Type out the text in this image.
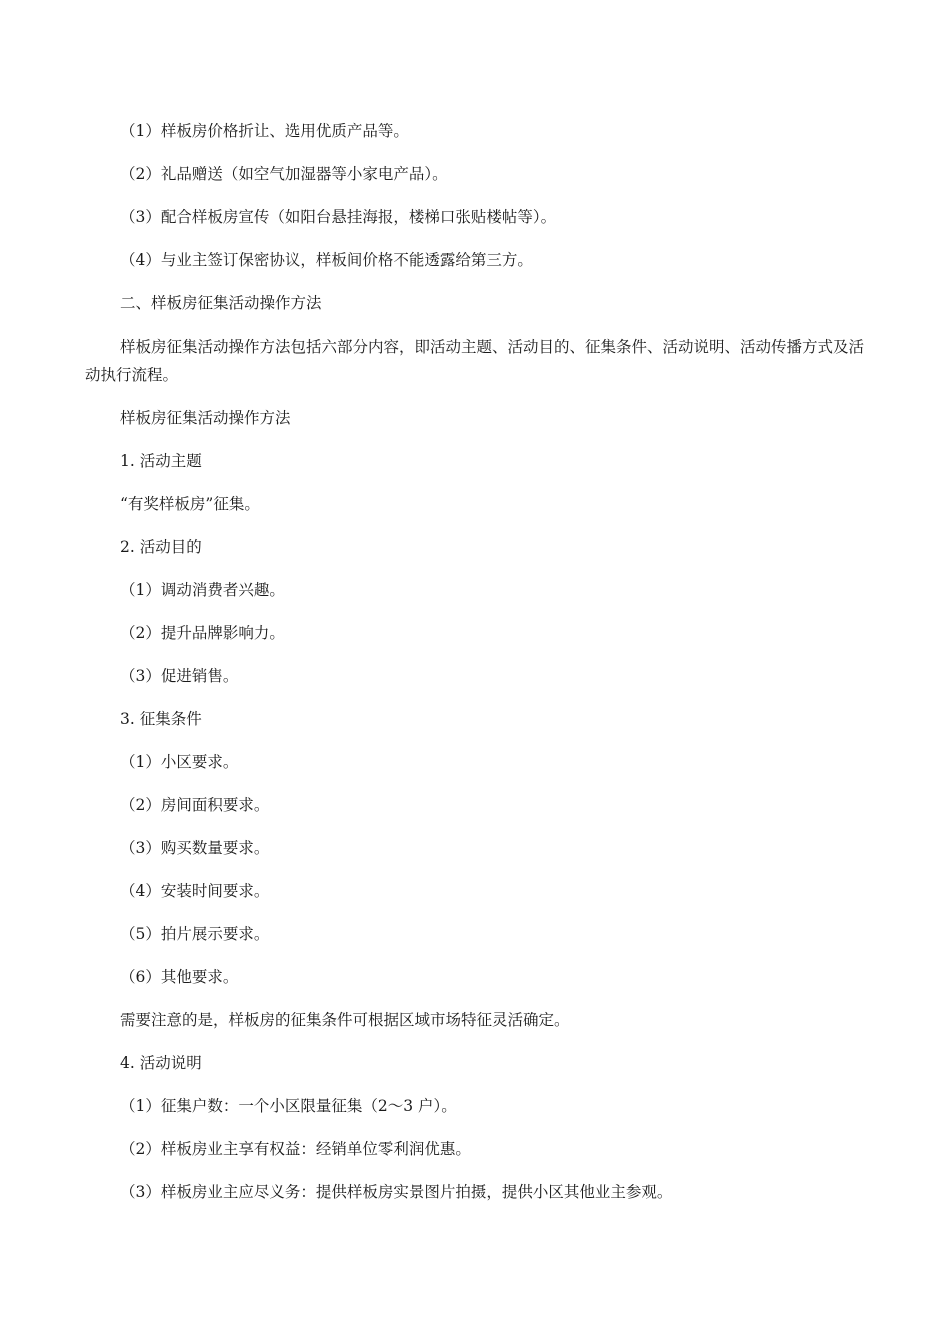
（1）样板房价格折让、选用优质产品等。

（2）礼品赠送（如空气加湿器等小家电产品）。

（3）配合样板房宣传（如阳台悬挂海报，楼梯口张贴楼帖等）。

（4）与业主签订保密协议，样板间价格不能透露给第三方。

二、样板房征集活动操作方法

样板房征集活动操作方法包括六部分内容，即活动主题、活动目的、征集条件、活动说明、活动传播方式及活动执行流程。

样板房征集活动操作方法

1. 活动主题

“有奖样板房”征集。

2. 活动目的

（1）调动消费者兴趣。

（2）提升品牌影响力。

（3）促进销售。

3. 征集条件

（1）小区要求。

（2）房间面积要求。

（3）购买数量要求。

（4）安装时间要求。

（5）拍片展示要求。

（6）其他要求。

需要注意的是，样板房的征集条件可根据区域市场特征灵活确定。

4. 活动说明

（1）征集户数：一个小区限量征集（2～3 户）。

（2）样板房业主享有权益：经销单位零利润优惠。

（3）样板房业主应尽义务：提供样板房实景图片拍摄，提供小区其他业主参观。
